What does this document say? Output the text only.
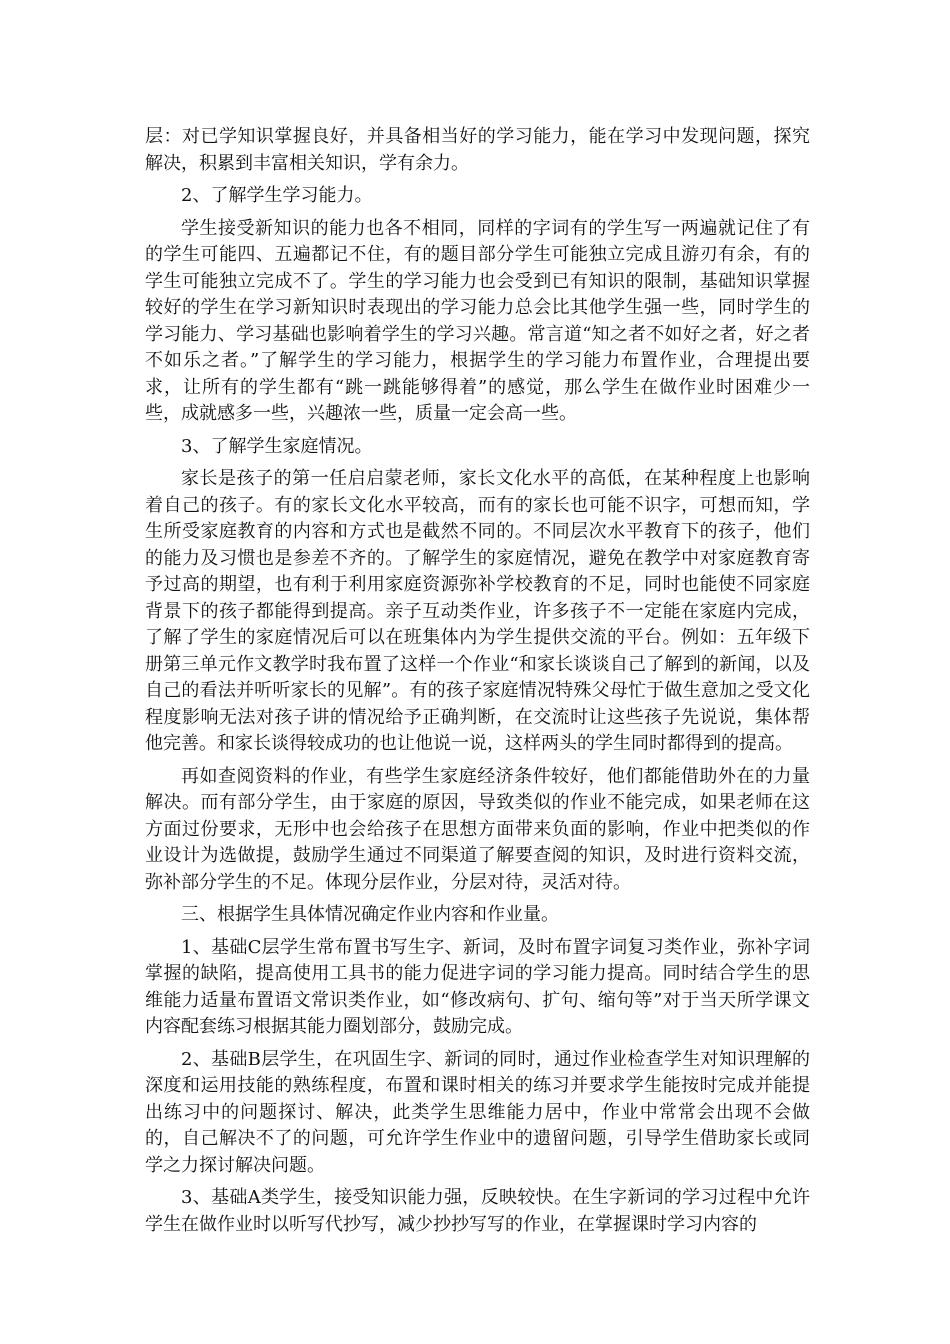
层：对已学知识掌握良好，并具备相当好的学习能力，能在学习中发现问题，探究解决，积累到丰富相关知识，学有余力。

2、了解学生学习能力。

学生接受新知识的能力也各不相同，同样的字词有的学生写一两遍就记住了有的学生可能四、五遍都记不住，有的题目部分学生可能独立完成且游刃有余，有的学生可能独立完成不了。学生的学习能力也会受到已有知识的限制，基础知识掌握较好的学生在学习新知识时表现出的学习能力总会比其他学生强一些，同时学生的学习能力、学习基础也影响着学生的学习兴趣。常言道“知之者不如好之者，好之者不如乐之者。”了解学生的学习能力，根据学生的学习能力布置作业，合理提出要求，让所有的学生都有“跳一跳能够得着”的感觉，那么学生在做作业时困难少一些，成就感多一些，兴趣浓一些，质量一定会高一些。

3、了解学生家庭情况。

家长是孩子的第一任启启蒙老师，家长文化水平的高低，在某种程度上也影响着自己的孩子。有的家长文化水平较高，而有的家长也可能不识字，可想而知，学生所受家庭教育的内容和方式也是截然不同的。不同层次水平教育下的孩子，他们的能力及习惯也是参差不齐的。了解学生的家庭情况，避免在教学中对家庭教育寄予过高的期望，也有利于利用家庭资源弥补学校教育的不足，同时也能使不同家庭背景下的孩子都能得到提高。亲子互动类作业，许多孩子不一定能在家庭内完成，了解了学生的家庭情况后可以在班集体内为学生提供交流的平台。例如：五年级下册第三单元作文教学时我布置了这样一个作业“和家长谈谈自己了解到的新闻，以及自己的看法并听听家长的见解”。有的孩子家庭情况特殊父母忙于做生意加之受文化程度影响无法对孩子讲的情况给予正确判断，在交流时让这些孩子先说说，集体帮他完善。和家长谈得较成功的也让他说一说，这样两头的学生同时都得到的提高。

再如查阅资料的作业，有些学生家庭经济条件较好，他们都能借助外在的力量解决。而有部分学生，由于家庭的原因，导致类似的作业不能完成，如果老师在这方面过份要求，无形中也会给孩子在思想方面带来负面的影响，作业中把类似的作业设计为选做提，鼓励学生通过不同渠道了解要查阅的知识，及时进行资料交流，弥补部分学生的不足。体现分层作业，分层对待，灵活对待。

三、根据学生具体情况确定作业内容和作业量。

1、基础C层学生常布置书写生字、新词，及时布置字词复习类作业，弥补字词掌握的缺陷，提高使用工具书的能力促进字词的学习能力提高。同时结合学生的思维能力适量布置语文常识类作业，如“修改病句、扩句、缩句等”对于当天所学课文内容配套练习根据其能力圈划部分，鼓励完成。

2、基础B层学生，在巩固生字、新词的同时，通过作业检查学生对知识理解的深度和运用技能的熟练程度，布置和课时相关的练习并要求学生能按时完成并能提出练习中的问题探讨、解决，此类学生思维能力居中，作业中常常会出现不会做的，自己解决不了的问题，可允许学生作业中的遗留问题，引导学生借助家长或同学之力探讨解决问题。

3、基础A类学生，接受知识能力强，反映较快。在生字新词的学习过程中允许学生在做作业时以听写代抄写，减少抄抄写写的作业，在掌握课时学习内容的
